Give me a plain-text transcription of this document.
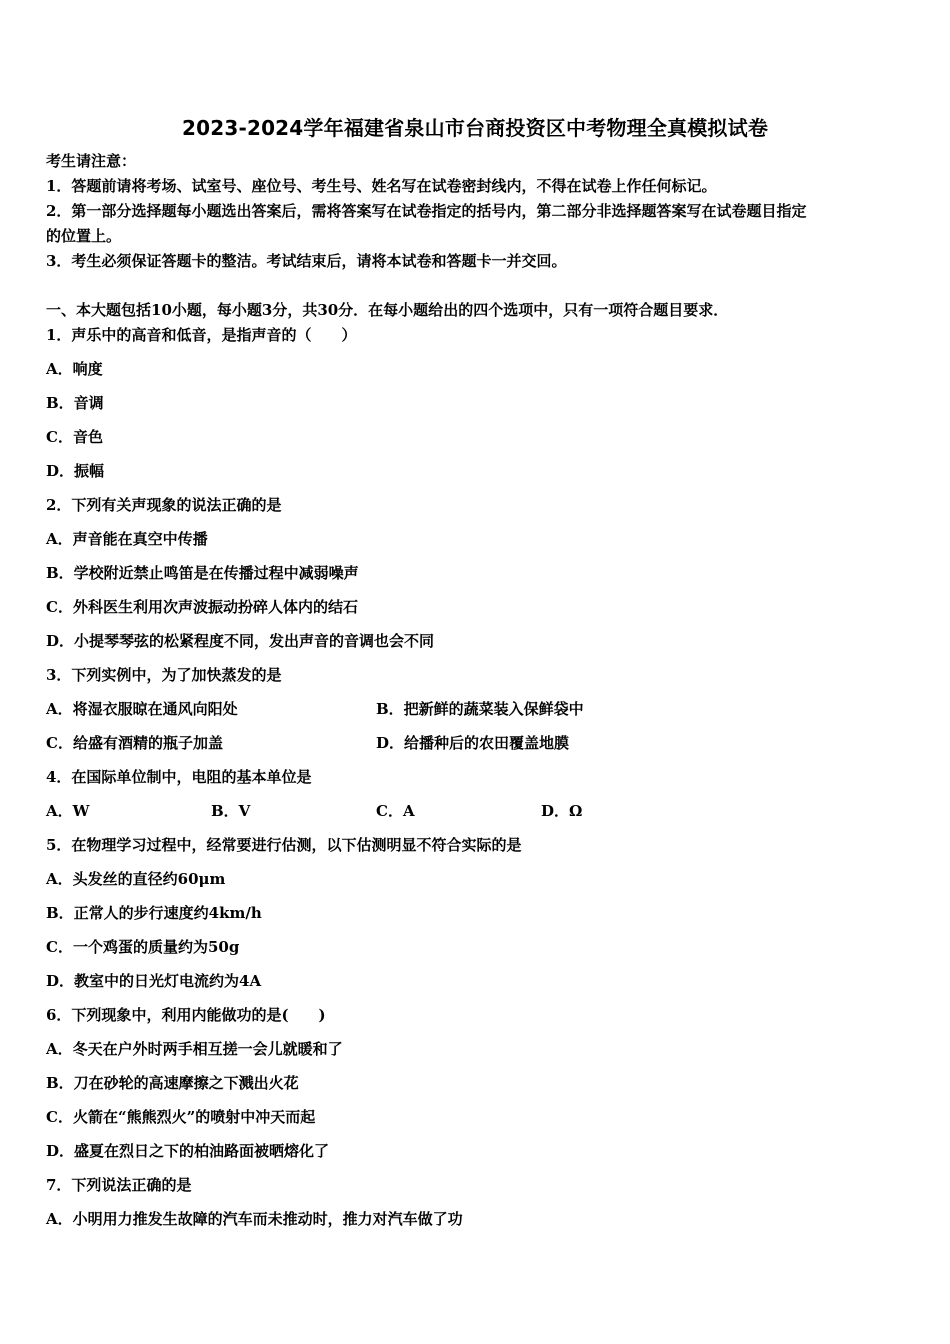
2023-2024学年福建省泉山市台商投资区中考物理全真模拟试卷
考生请注意：
1．答题前请将考场、试室号、座位号、考生号、姓名写在试卷密封线内，不得在试卷上作任何标记。
2．第一部分选择题每小题选出答案后，需将答案写在试卷指定的括号内，第二部分非选择题答案写在试卷题目指定
的位置上。
3．考生必须保证答题卡的整洁。考试结束后，请将本试卷和答题卡一并交回。
一、本大题包括10小题，每小题3分，共30分．在每小题给出的四个选项中，只有一项符合题目要求．
1．声乐中的高音和低音，是指声音的（　　）
A．响度
B．音调
C．音色
D．振幅
2．下列有关声现象的说法正确的是
A．声音能在真空中传播
B．学校附近禁止鸣笛是在传播过程中减弱噪声
C．外科医生利用次声波振动扮碎人体内的结石
D．小提琴琴弦的松紧程度不同，发出声音的音调也会不同
3．下列实例中，为了加快蒸发的是
A．将湿衣服晾在通风向阳处	B．把新鲜的蔬菜装入保鲜袋中
C．给盛有酒精的瓶子加盖	D．给播种后的农田覆盖地膜
4．在国际单位制中，电阻的基本单位是
A．W	B．V	C．A	D．Ω
5．在物理学习过程中，经常要进行估测，以下估测明显不符合实际的是
A．头发丝的直径约60μm
B．正常人的步行速度约4km/h
C．一个鸡蛋的质量约为50g
D．教室中的日光灯电流约为4A
6．下列现象中，利用内能做功的是(　　)
A．冬天在户外时两手相互搓一会儿就暖和了
B．刀在砂轮的高速摩擦之下溅出火花
C．火箭在“熊熊烈火”的喷射中冲天而起
D．盛夏在烈日之下的柏油路面被晒熔化了
7．下列说法正确的是
A．小明用力推发生故障的汽车而未推动时，推力对汽车做了功
